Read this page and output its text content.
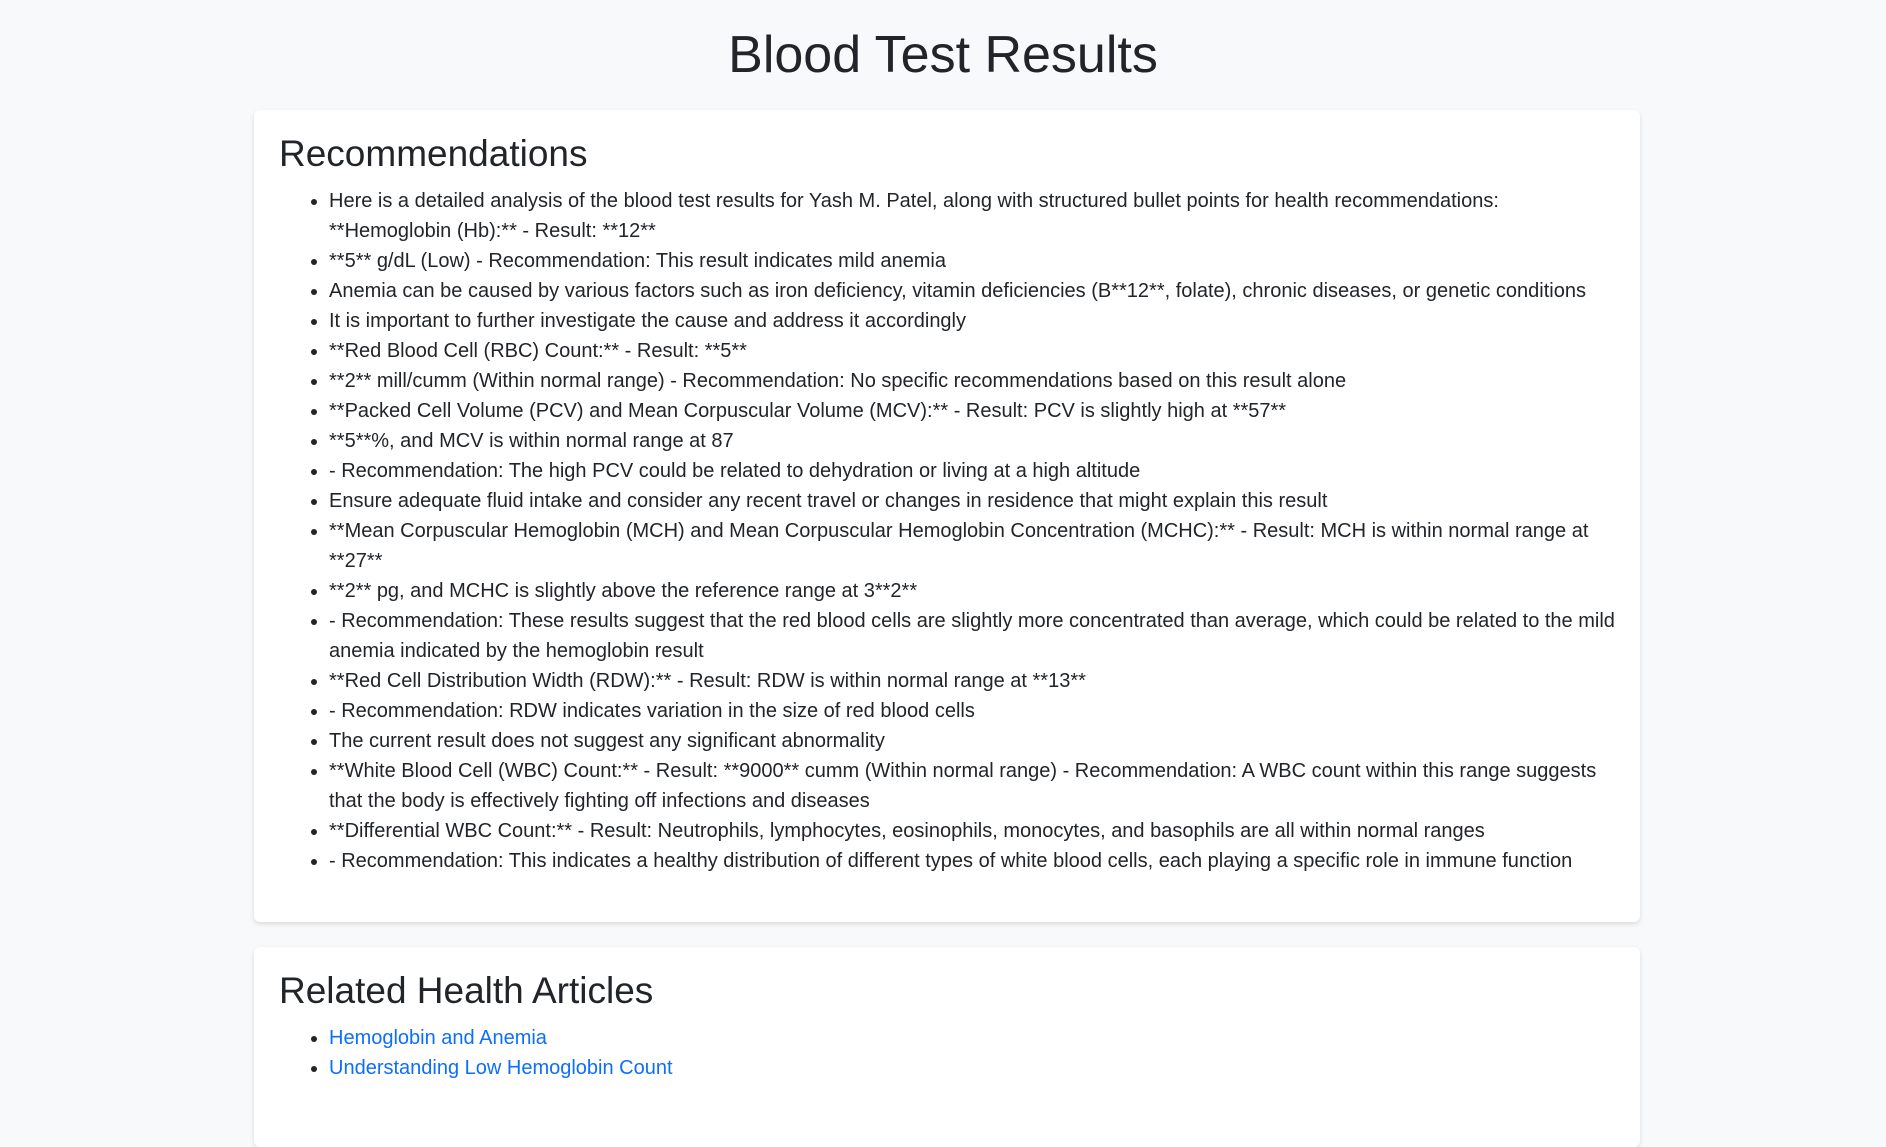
Blood Test Results
Recommendations
• Here is a detailed analysis of the blood test results for Yash M. Patel, along with structured bullet points for health recommendations: **Hemoglobin (Hb):** - Result: **12**
• **5** g/dL (Low) - Recommendation: This result indicates mild anemia
• Anemia can be caused by various factors such as iron deficiency, vitamin deficiencies (B**12**, folate), chronic diseases, or genetic conditions
• It is important to further investigate the cause and address it accordingly
• **Red Blood Cell (RBC) Count:** - Result: **5**
• **2** mill/cumm (Within normal range) - Recommendation: No specific recommendations based on this result alone
• **Packed Cell Volume (PCV) and Mean Corpuscular Volume (MCV):** - Result: PCV is slightly high at **57**
• **5**%, and MCV is within normal range at 87
• - Recommendation: The high PCV could be related to dehydration or living at a high altitude
• Ensure adequate fluid intake and consider any recent travel or changes in residence that might explain this result
• **Mean Corpuscular Hemoglobin (MCH) and Mean Corpuscular Hemoglobin Concentration (MCHC):** - Result: MCH is within normal range at **27**
• **2** pg, and MCHC is slightly above the reference range at 3**2**
• - Recommendation: These results suggest that the red blood cells are slightly more concentrated than average, which could be related to the mild anemia indicated by the hemoglobin result
• **Red Cell Distribution Width (RDW):** - Result: RDW is within normal range at **13**
• - Recommendation: RDW indicates variation in the size of red blood cells
• The current result does not suggest any significant abnormality
• **White Blood Cell (WBC) Count:** - Result: **9000** cumm (Within normal range) - Recommendation: A WBC count within this range suggests that the body is effectively fighting off infections and diseases
• **Differential WBC Count:** - Result: Neutrophils, lymphocytes, eosinophils, monocytes, and basophils are all within normal ranges
• - Recommendation: This indicates a healthy distribution of different types of white blood cells, each playing a specific role in immune function
Related Health Articles
• Hemoglobin and Anemia
• Understanding Low Hemoglobin Count
